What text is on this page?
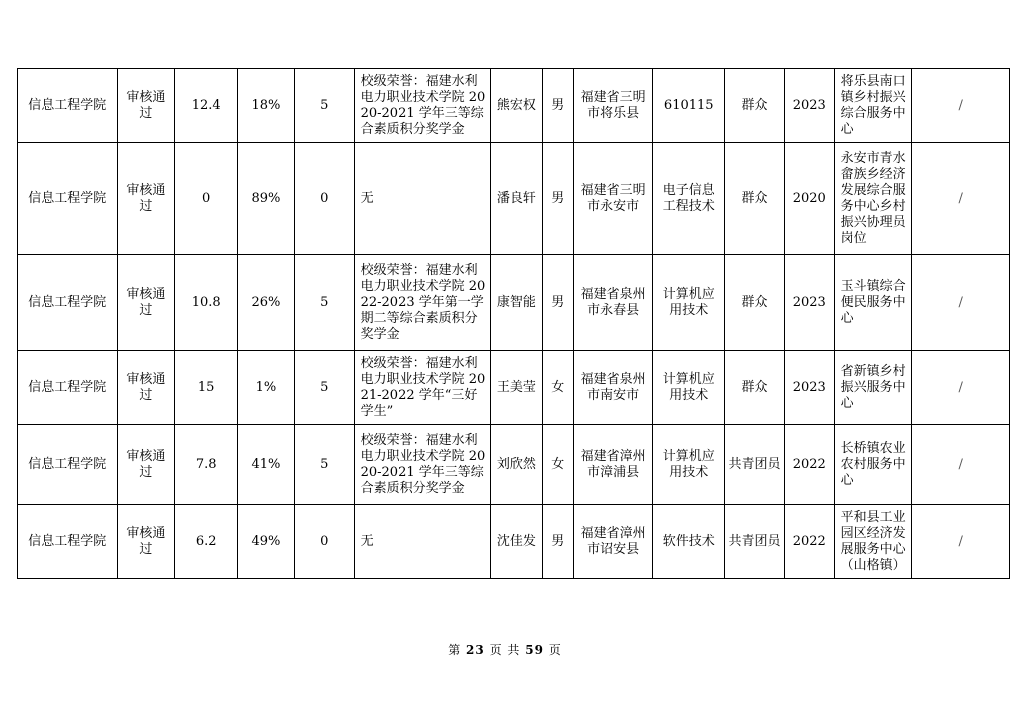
信息工程学院	审核通过	12.4	18%	5	校级荣誉：福建水利电力职业技术学院 2020-2021 学年三等综合素质积分奖学金	熊宏权	男	福建省三明市将乐县	610115	群众	2023	将乐县南口镇乡村振兴综合服务中心	/
信息工程学院	审核通过	0	89%	0	无	潘良轩	男	福建省三明市永安市	电子信息工程技术	群众	2020	永安市青水畲族乡经济发展综合服务中心乡村振兴协理员岗位	/
信息工程学院	审核通过	10.8	26%	5	校级荣誉：福建水利电力职业技术学院 2022-2023 学年第一学期二等综合素质积分奖学金	康智能	男	福建省泉州市永春县	计算机应用技术	群众	2023	玉斗镇综合便民服务中心	/
信息工程学院	审核通过	15	1%	5	校级荣誉：福建水利电力职业技术学院 2021-2022 学年“三好学生”	王美莹	女	福建省泉州市南安市	计算机应用技术	群众	2023	省新镇乡村振兴服务中心	/
信息工程学院	审核通过	7.8	41%	5	校级荣誉：福建水利电力职业技术学院 2020-2021 学年三等综合素质积分奖学金	刘欣然	女	福建省漳州市漳浦县	计算机应用技术	共青团员	2022	长桥镇农业农村服务中心	/
信息工程学院	审核通过	6.2	49%	0	无	沈佳发	男	福建省漳州市诏安县	软件技术	共青团员	2022	平和县工业园区经济发展服务中心（山格镇）	/
第 23 页 共 59 页
